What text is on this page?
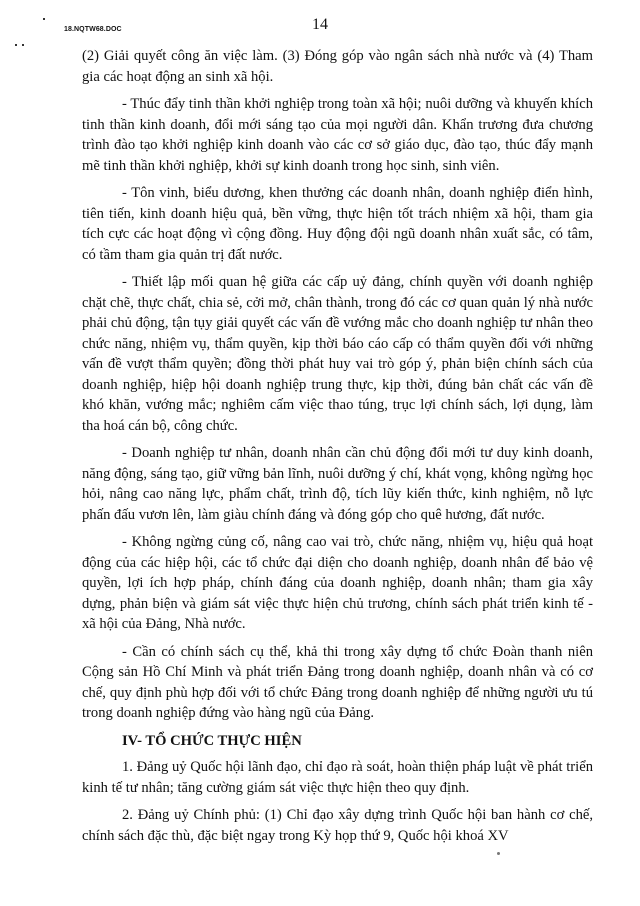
18.NQTW68.DOC	14

(2) Giải quyết công ăn việc làm. (3) Đóng góp vào ngân sách nhà nước và (4) Tham gia các hoạt động an sinh xã hội.

- Thúc đẩy tinh thần khởi nghiệp trong toàn xã hội; nuôi dưỡng và khuyến khích tinh thần kinh doanh, đổi mới sáng tạo của mọi người dân. Khẩn trương đưa chương trình đào tạo khởi nghiệp kinh doanh vào các cơ sở giáo dục, đào tạo, thúc đẩy mạnh mẽ tinh thần khởi nghiệp, khởi sự kinh doanh trong học sinh, sinh viên.

- Tôn vinh, biểu dương, khen thưởng các doanh nhân, doanh nghiệp điển hình, tiên tiến, kinh doanh hiệu quả, bền vững, thực hiện tốt trách nhiệm xã hội, tham gia tích cực các hoạt động vì cộng đồng. Huy động đội ngũ doanh nhân xuất sắc, có tâm, có tầm tham gia quản trị đất nước.

- Thiết lập mối quan hệ giữa các cấp uỷ đảng, chính quyền với doanh nghiệp chặt chẽ, thực chất, chia sẻ, cởi mở, chân thành, trong đó các cơ quan quản lý nhà nước phải chủ động, tận tụy giải quyết các vấn đề vướng mắc cho doanh nghiệp tư nhân theo chức năng, nhiệm vụ, thẩm quyền, kịp thời báo cáo cấp có thẩm quyền đối với những vấn đề vượt thẩm quyền; đồng thời phát huy vai trò góp ý, phản biện chính sách của doanh nghiệp, hiệp hội doanh nghiệp trung thực, kịp thời, đúng bản chất các vấn đề khó khăn, vướng mắc; nghiêm cấm việc thao túng, trục lợi chính sách, lợi dụng, làm tha hoá cán bộ, công chức.

- Doanh nghiệp tư nhân, doanh nhân cần chủ động đổi mới tư duy kinh doanh, năng động, sáng tạo, giữ vững bản lĩnh, nuôi dưỡng ý chí, khát vọng, không ngừng học hỏi, nâng cao năng lực, phẩm chất, trình độ, tích lũy kiến thức, kinh nghiệm, nỗ lực phấn đấu vươn lên, làm giàu chính đáng và đóng góp cho quê hương, đất nước.

- Không ngừng củng cố, nâng cao vai trò, chức năng, nhiệm vụ, hiệu quả hoạt động của các hiệp hội, các tổ chức đại diện cho doanh nghiệp, doanh nhân để bảo vệ quyền, lợi ích hợp pháp, chính đáng của doanh nghiệp, doanh nhân; tham gia xây dựng, phản biện và giám sát việc thực hiện chủ trương, chính sách phát triển kinh tế - xã hội của Đảng, Nhà nước.

- Cần có chính sách cụ thể, khả thi trong xây dựng tổ chức Đoàn thanh niên Cộng sản Hồ Chí Minh và phát triển Đảng trong doanh nghiệp, doanh nhân và có cơ chế, quy định phù hợp đối với tổ chức Đảng trong doanh nghiệp để những người ưu tú trong doanh nghiệp đứng vào hàng ngũ của Đảng.

IV- TỔ CHỨC THỰC HIỆN

1. Đảng uỷ Quốc hội lãnh đạo, chỉ đạo rà soát, hoàn thiện pháp luật về phát triển kinh tế tư nhân; tăng cường giám sát việc thực hiện theo quy định.

2. Đảng uỷ Chính phủ: (1) Chỉ đạo xây dựng trình Quốc hội ban hành cơ chế, chính sách đặc thù, đặc biệt ngay trong Kỳ họp thứ 9, Quốc hội khoá XV
